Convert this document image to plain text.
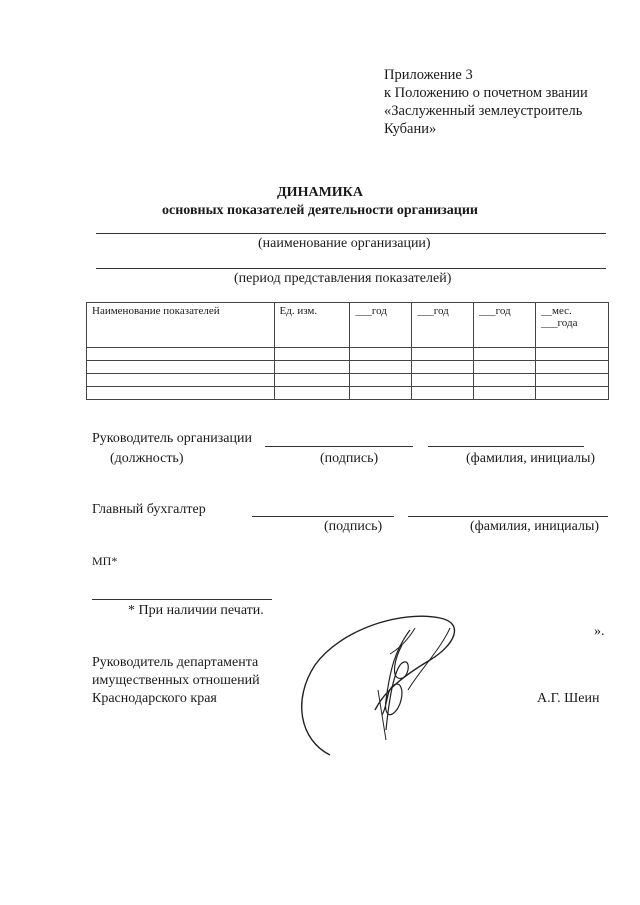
Приложение 3
к Положению о почетном звании
«Заслуженный землеустроитель
Кубани»
ДИНАМИКА
основных показателей деятельности организации
(наименование организации)
(период представления показателей)
Наименование показателей	Ед. изм.	___год	___год	___год	__мес.
___года

Руководитель организации
(должность)	(подпись)	(фамилия, инициалы)
Главный бухгалтер
(подпись)	(фамилия, инициалы)
МП*
* При наличии печати.
».
Руководитель департамента
имущественных отношений
Краснодарского края	А.Г. Шеин
